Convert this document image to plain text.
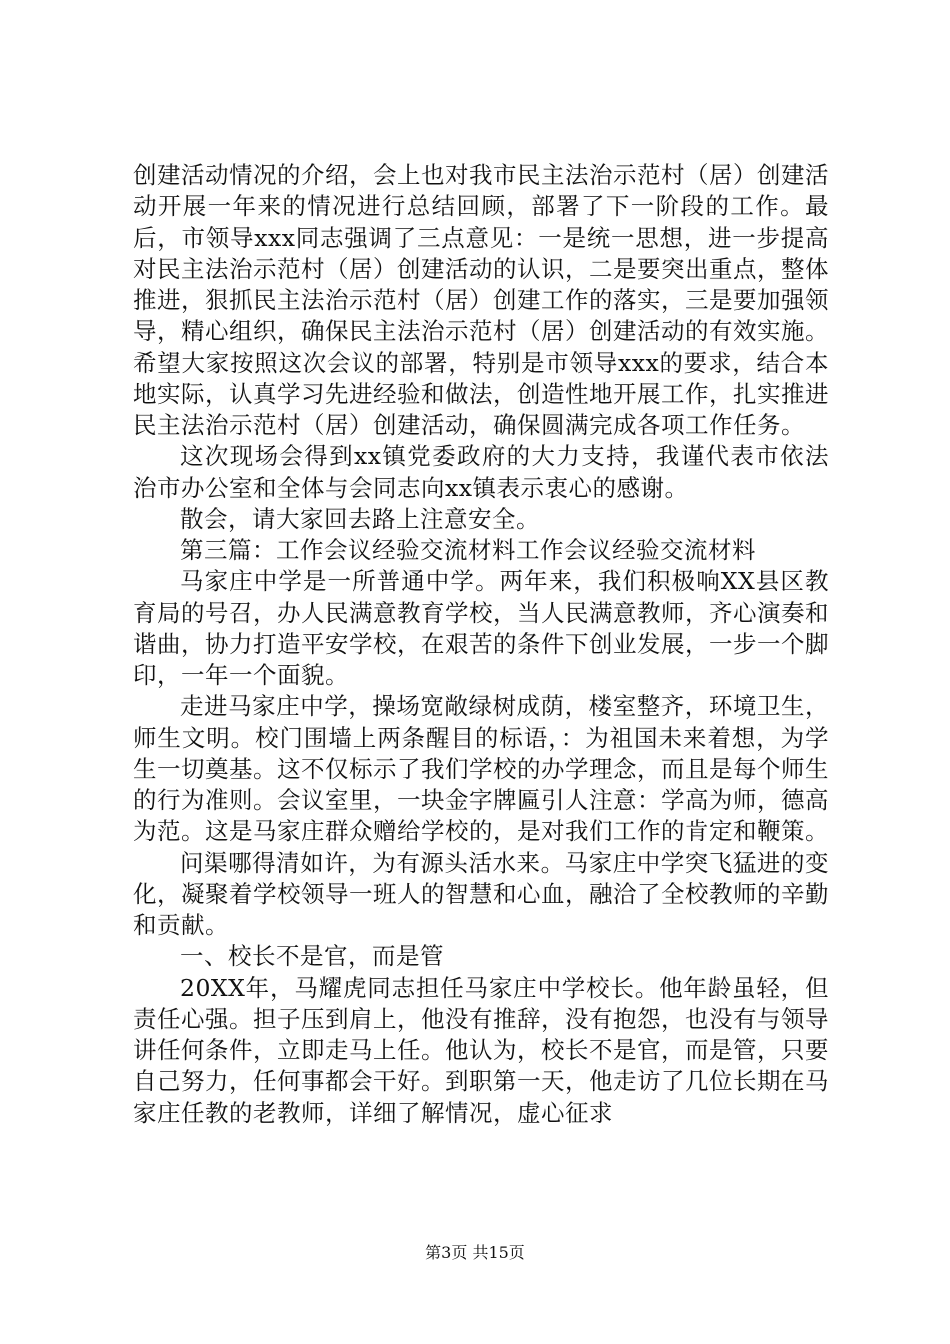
创建活动情况的介绍，会上也对我市民主法治示范村（居）创建活动开展一年来的情况进行总结回顾，部署了下一阶段的工作。最后，市领导xxx同志强调了三点意见：一是统一思想，进一步提高对民主法治示范村（居）创建活动的认识，二是要突出重点，整体推进，狠抓民主法治示范村（居）创建工作的落实，三是要加强领导，精心组织，确保民主法治示范村（居）创建活动的有效实施。希望大家按照这次会议的部署，特别是市领导xxx的要求，结合本地实际，认真学习先进经验和做法，创造性地开展工作，扎实推进民主法治示范村（居）创建活动，确保圆满完成各项工作任务。

这次现场会得到xx镇党委政府的大力支持，我谨代表市依法治市办公室和全体与会同志向xx镇表示衷心的感谢。

散会，请大家回去路上注意安全。

第三篇：工作会议经验交流材料工作会议经验交流材料

马家庄中学是一所普通中学。两年来，我们积极响XX县区教育局的号召，办人民满意教育学校，当人民满意教师，齐心演奏和谐曲，协力打造平安学校，在艰苦的条件下创业发展，一步一个脚印，一年一个面貌。

走进马家庄中学，操场宽敞绿树成荫，楼室整齐，环境卫生，师生文明。校门围墙上两条醒目的标语，：为祖国未来着想，为学生一切奠基。这不仅标示了我们学校的办学理念，而且是每个师生的行为准则。会议室里，一块金字牌匾引人注意：学高为师，德高为范。这是马家庄群众赠给学校的，是对我们工作的肯定和鞭策。

问渠哪得清如许，为有源头活水来。马家庄中学突飞猛进的变化，凝聚着学校领导一班人的智慧和心血，融洽了全校教师的辛勤和贡献。

一、校长不是官，而是管

20XX年，马耀虎同志担任马家庄中学校长。他年龄虽轻，但责任心强。担子压到肩上，他没有推辞，没有抱怨，也没有与领导讲任何条件，立即走马上任。他认为，校长不是官，而是管，只要自己努力，任何事都会干好。到职第一天，他走访了几位长期在马家庄任教的老教师，详细了解情况，虚心征求

第3页 共15页
